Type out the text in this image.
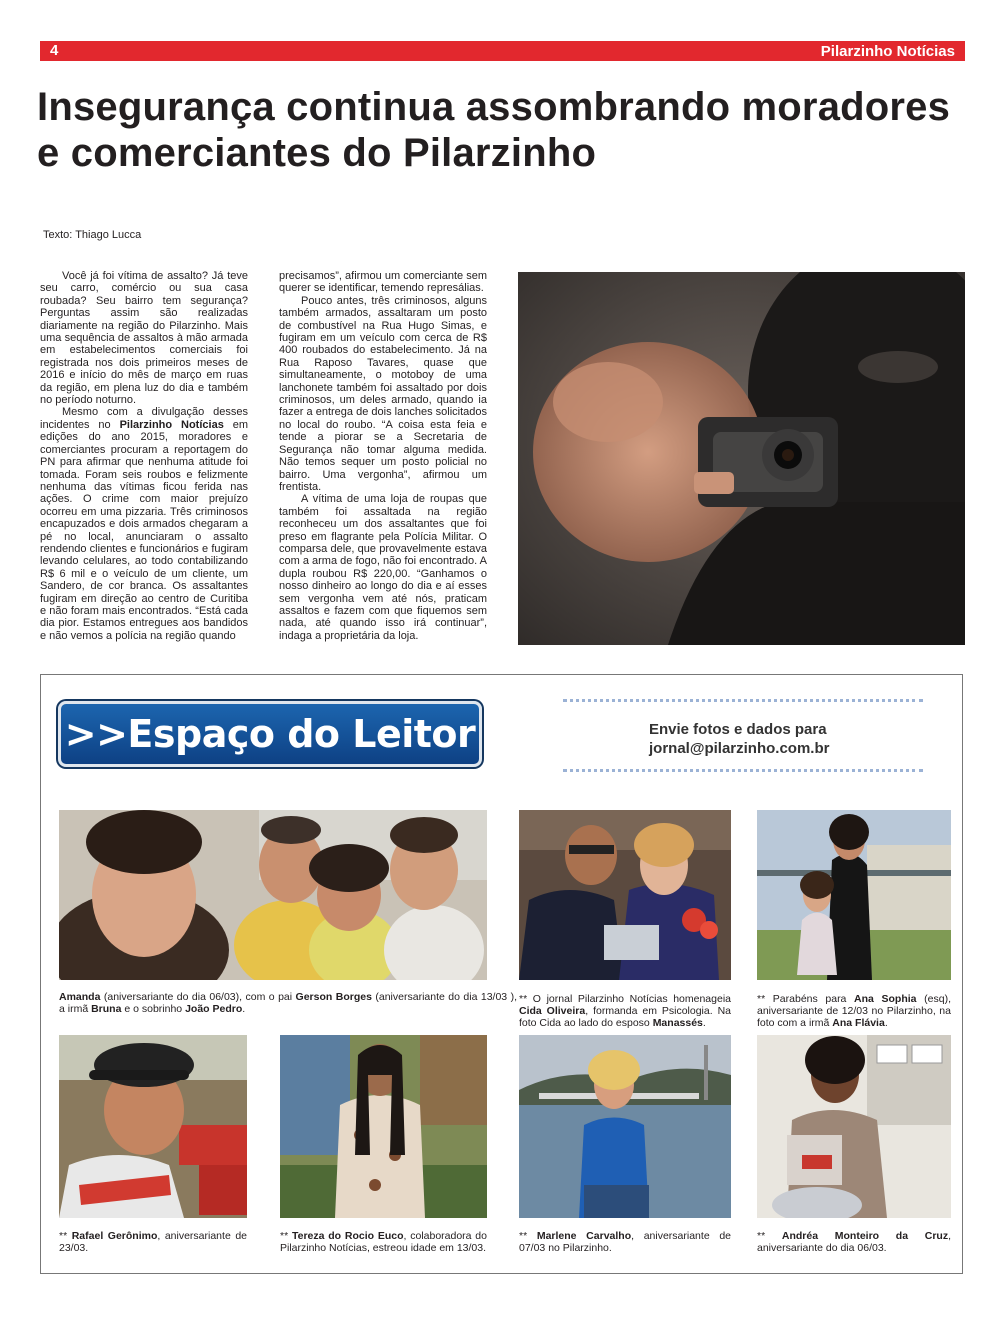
4	Pilarzinho Notícias
Insegurança continua assombrando moradores
e comerciantes do Pilarzinho
Texto: Thiago Lucca

Você já foi vítima de assalto? Já teve seu carro, comércio ou sua casa roubada? Seu bairro tem segurança? Perguntas assim são realizadas diariamente na região do Pilarzinho. Mais uma sequência de assaltos à mão armada em estabelecimentos comerciais foi registrada nos dois primeiros meses de 2016 e início do mês de março em ruas da região, em plena luz do dia e também no período noturno.

Mesmo com a divulgação desses incidentes no Pilarzinho Notícias em edições do ano 2015, moradores e comerciantes procuram a reportagem do PN para afirmar que nenhuma atitude foi tomada. Foram seis roubos e felizmente nenhuma das vítimas ficou ferida nas ações. O crime com maior prejuízo ocorreu em uma pizzaria. Três criminosos encapuzados e dois armados chegaram a pé no local, anunciaram o assalto rendendo clientes e funcionários e fugiram levando celulares, ao todo contabilizando R$ 6 mil e o veículo de um cliente, um Sandero, de cor branca. Os assaltantes fugiram em direção ao centro de Curitiba e não foram mais encontrados. “Está cada dia pior. Estamos entregues aos bandidos e não vemos a polícia na região quando

precisamos”, afirmou um comerciante sem querer se identificar, temendo represálias.

Pouco antes, três criminosos, alguns também armados, assaltaram um posto de combustível na Rua Hugo Simas, e fugiram em um veículo com cerca de R$ 400 roubados do estabelecimento. Já na Rua Raposo Tavares, quase que simultaneamente, o motoboy de uma lanchonete também foi assaltado por dois criminosos, um deles armado, quando ia fazer a entrega de dois lanches solicitados no local do roubo. “A coisa esta feia e tende a piorar se a Secretaria de Segurança não tomar alguma medida. Não temos sequer um posto policial no bairro. Uma vergonha”, afirmou um frentista.

A vítima de uma loja de roupas que também foi assaltada na região reconheceu um dos assaltantes que foi preso em flagrante pela Polícia Militar. O comparsa dele, que provavelmente estava com a arma de fogo, não foi encontrado. A dupla roubou R$ 220,00. “Ganhamos o nosso dinheiro ao longo do dia e aí esses sem vergonha vem até nós, praticam assaltos e fazem com que fiquemos sem nada, até quando isso irá continuar”, indaga a proprietária da loja.

>>Espaço do Leitor	Envie fotos e dados para
jornal@pilarzinho.com.br
Amanda (aniversariante do dia 06/03), com o pai Gerson Borges (aniversariante do dia 13/03 ), a irmã Bruna e o sobrinho João Pedro.
** O jornal Pilarzinho Notícias homenageia Cida Oliveira, formanda em Psicologia. Na foto Cida ao lado do esposo Manassés.
** Parabéns para Ana Sophia (esq), aniversariante de 12/03 no Pilarzinho, na foto com a irmã Ana Flávia.
** Rafael Gerônimo, aniversariante de 23/03.
** Tereza do Rocio Euco, colaboradora do Pilarzinho Notícias, estreou idade em 13/03.
** Marlene Carvalho, aniversariante de 07/03 no Pilarzinho.
** Andréa Monteiro da Cruz, aniversariante do dia 06/03.
